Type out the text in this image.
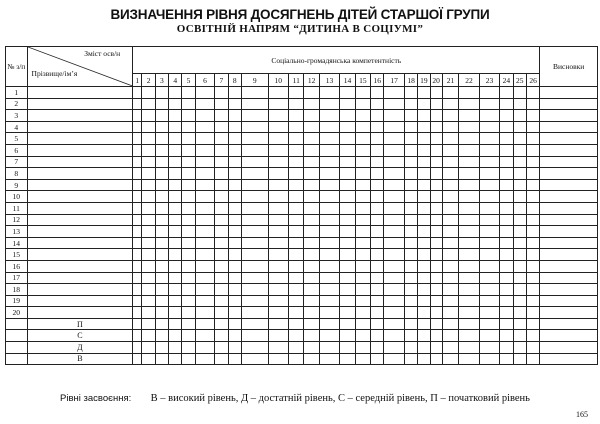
ВИЗНАЧЕННЯ РІВНЯ ДОСЯГНЕНЬ ДІТЕЙ СТАРШОЇ ГРУПИ
ОСВІТНІЙ НАПРЯМ “ДИТИНА В СОЦІУМІ”
№ з/п	Зміст осв/н
Прізвище/ім’я	Соціально-громадянська компетентність																										Висновки
		1	2	3	4	5	6	7	8	9	10	11	12	13	14	15	16	17	18	19	20	21	22	23	24	25	26	
1																												
2																												
3																												
4																												
5																												
6																												
7																												
8																												
9																												
10																												
11																												
12																												
13																												
14																												
15																												
16																												
17																												
18																												
19																												
20																												
	П																											
	С																											
	Д																											
	В																											
Рівні засвоєння: В – високий рівень, Д – достатній рівень, С – середній рівень, П – початковий рівень
165
